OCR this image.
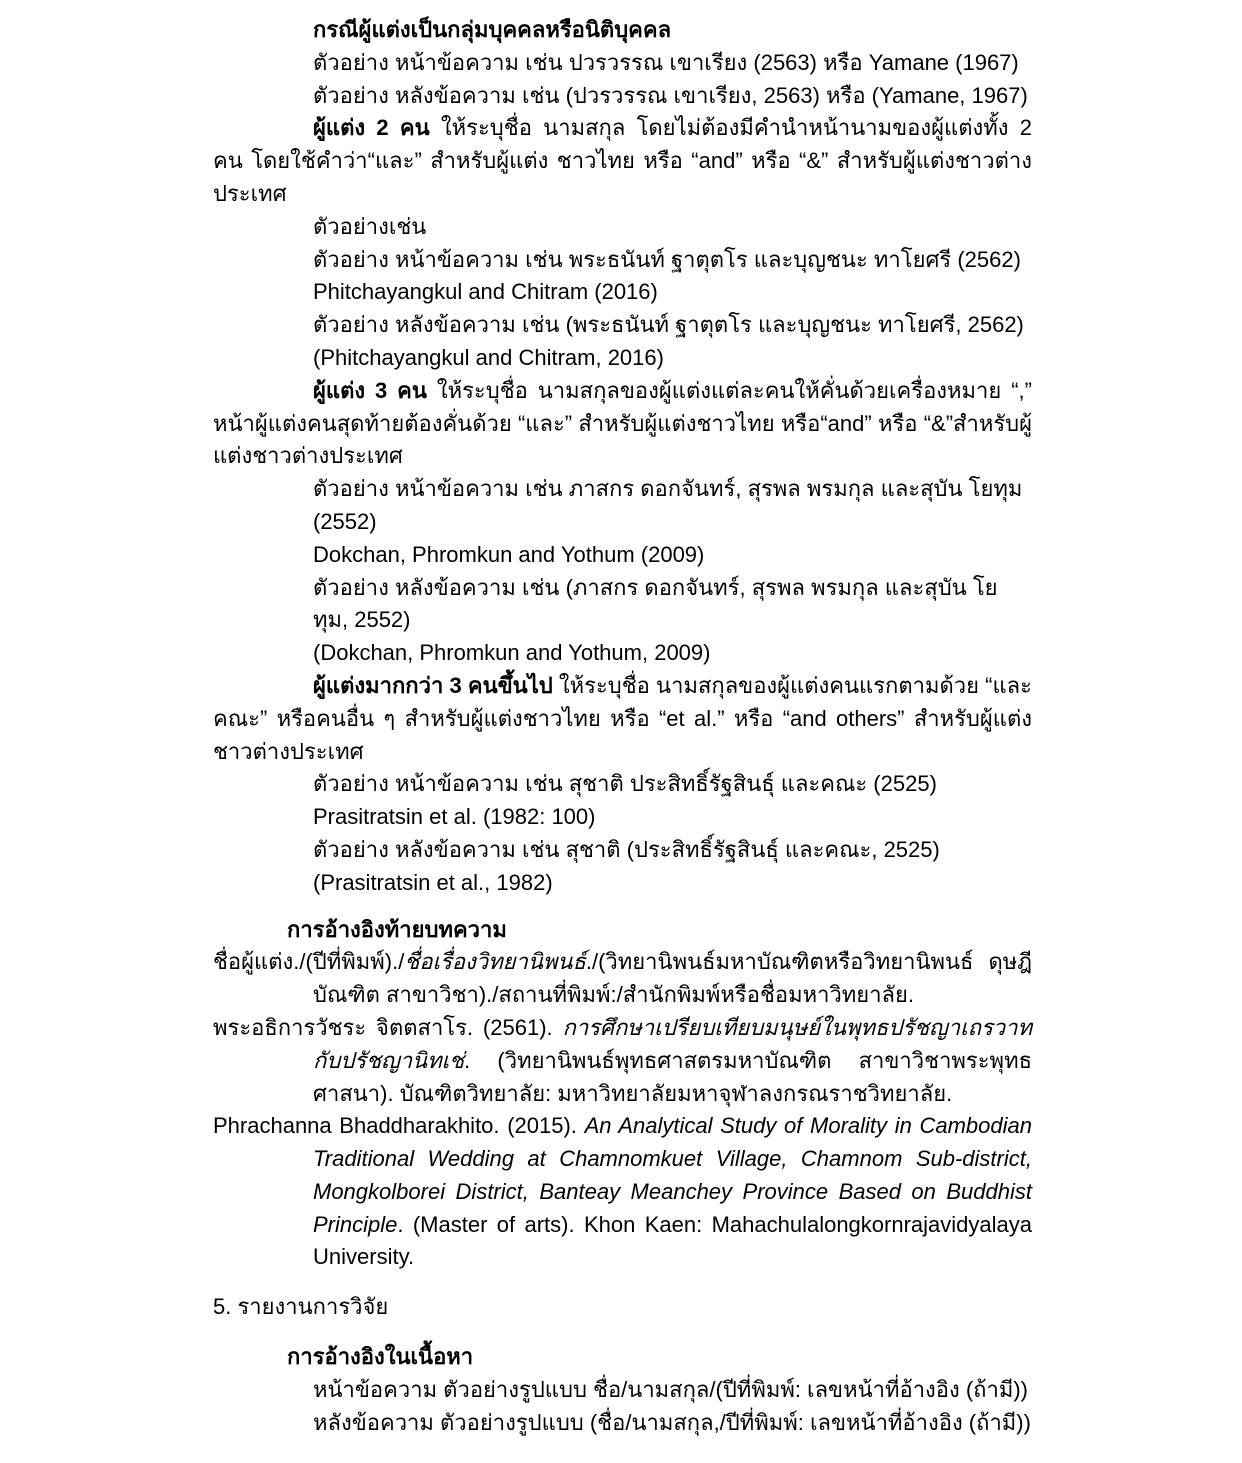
กรณีผู้แต่งเป็นกลุ่มบุคคลหรือนิติบุคคล

ตัวอย่าง หน้าข้อความ เช่น ปวรวรรณ เขาเรียง (2563) หรือ Yamane (1967)

ตัวอย่าง หลังข้อความ เช่น (ปวรวรรณ เขาเรียง, 2563) หรือ (Yamane, 1967)

ผู้แต่ง 2 คน ให้ระบุชื่อ นามสกุล โดยไม่ต้องมีคำนำหน้านามของผู้แต่งทั้ง 2 คน โดยใช้คำว่า“และ” สำหรับผู้แต่ง ชาวไทย หรือ “and” หรือ “&” สำหรับผู้แต่งชาวต่างประเทศ

ตัวอย่างเช่น

ตัวอย่าง หน้าข้อความ เช่น พระธนันท์ ฐาตุตโร และบุญชนะ ทาโยศรี (2562)

Phitchayangkul and Chitram (2016)

ตัวอย่าง หลังข้อความ เช่น (พระธนันท์ ฐาตุตโร และบุญชนะ ทาโยศรี, 2562)

(Phitchayangkul and Chitram, 2016)

ผู้แต่ง 3 คน ให้ระบุชื่อ นามสกุลของผู้แต่งแต่ละคนให้คั่นด้วยเครื่องหมาย “,” หน้าผู้แต่งคนสุดท้ายต้องคั่นด้วย “และ” สำหรับผู้แต่งชาวไทย หรือ“and” หรือ “&”สำหรับผู้แต่งชาวต่างประเทศ

ตัวอย่าง หน้าข้อความ เช่น ภาสกร ดอกจันทร์, สุรพล พรมกุล และสุบัน โยทุม (2552)

Dokchan, Phromkun and Yothum (2009)

ตัวอย่าง หลังข้อความ เช่น (ภาสกร ดอกจันทร์, สุรพล พรมกุล และสุบัน โยทุม, 2552)

(Dokchan, Phromkun and Yothum, 2009)

ผู้แต่งมากกว่า 3 คนขึ้นไป ให้ระบุชื่อ นามสกุลของผู้แต่งคนแรกตามด้วย “และคณะ” หรือคนอื่น ๆ สำหรับผู้แต่งชาวไทย หรือ “et al.” หรือ “and others” สำหรับผู้แต่งชาวต่างประเทศ

ตัวอย่าง หน้าข้อความ เช่น สุชาติ ประสิทธิ์รัฐสินธุ์ และคณะ (2525)

Prasitratsin et al. (1982: 100)

ตัวอย่าง หลังข้อความ เช่น สุชาติ (ประสิทธิ์รัฐสินธุ์ และคณะ, 2525)

(Prasitratsin et al., 1982)

การอ้างอิงท้ายบทความ

ชื่อผู้แต่ง./(ปีที่พิมพ์)./ชื่อเรื่องวิทยานิพนธ์./(วิทยานิพนธ์มหาบัณฑิตหรือวิทยานิพนธ์ ดุษฎีบัณฑิต สาขาวิชา)./สถานที่พิมพ์:/สำนักพิมพ์หรือชื่อมหาวิทยาลัย.

พระอธิการวัชระ จิตตสาโร. (2561). การศึกษาเปรียบเทียบมนุษย์ในพุทธปรัชญาเถรวาทกับปรัชญานิทเช่. (วิทยานิพนธ์พุทธศาสตรมหาบัณฑิต สาขาวิชาพระพุทธศาสนา). บัณฑิตวิทยาลัย: มหาวิทยาลัยมหาจุฬาลงกรณราชวิทยาลัย.

Phrachanna Bhaddharakhito. (2015). An Analytical Study of Morality in Cambodian Traditional Wedding at Chamnomkuet Village, Chamnom Sub-district, Mongkolborei District, Banteay Meanchey Province Based on Buddhist Principle. (Master of arts). Khon Kaen: Mahachulalongkornrajavidyalaya University.

5. รายงานการวิจัย

การอ้างอิงในเนื้อหา

หน้าข้อความ ตัวอย่างรูปแบบ ชื่อ/นามสกุล/(ปีที่พิมพ์: เลขหน้าที่อ้างอิง (ถ้ามี))

หลังข้อความ ตัวอย่างรูปแบบ (ชื่อ/นามสกุล,/ปีที่พิมพ์: เลขหน้าที่อ้างอิง (ถ้ามี))
